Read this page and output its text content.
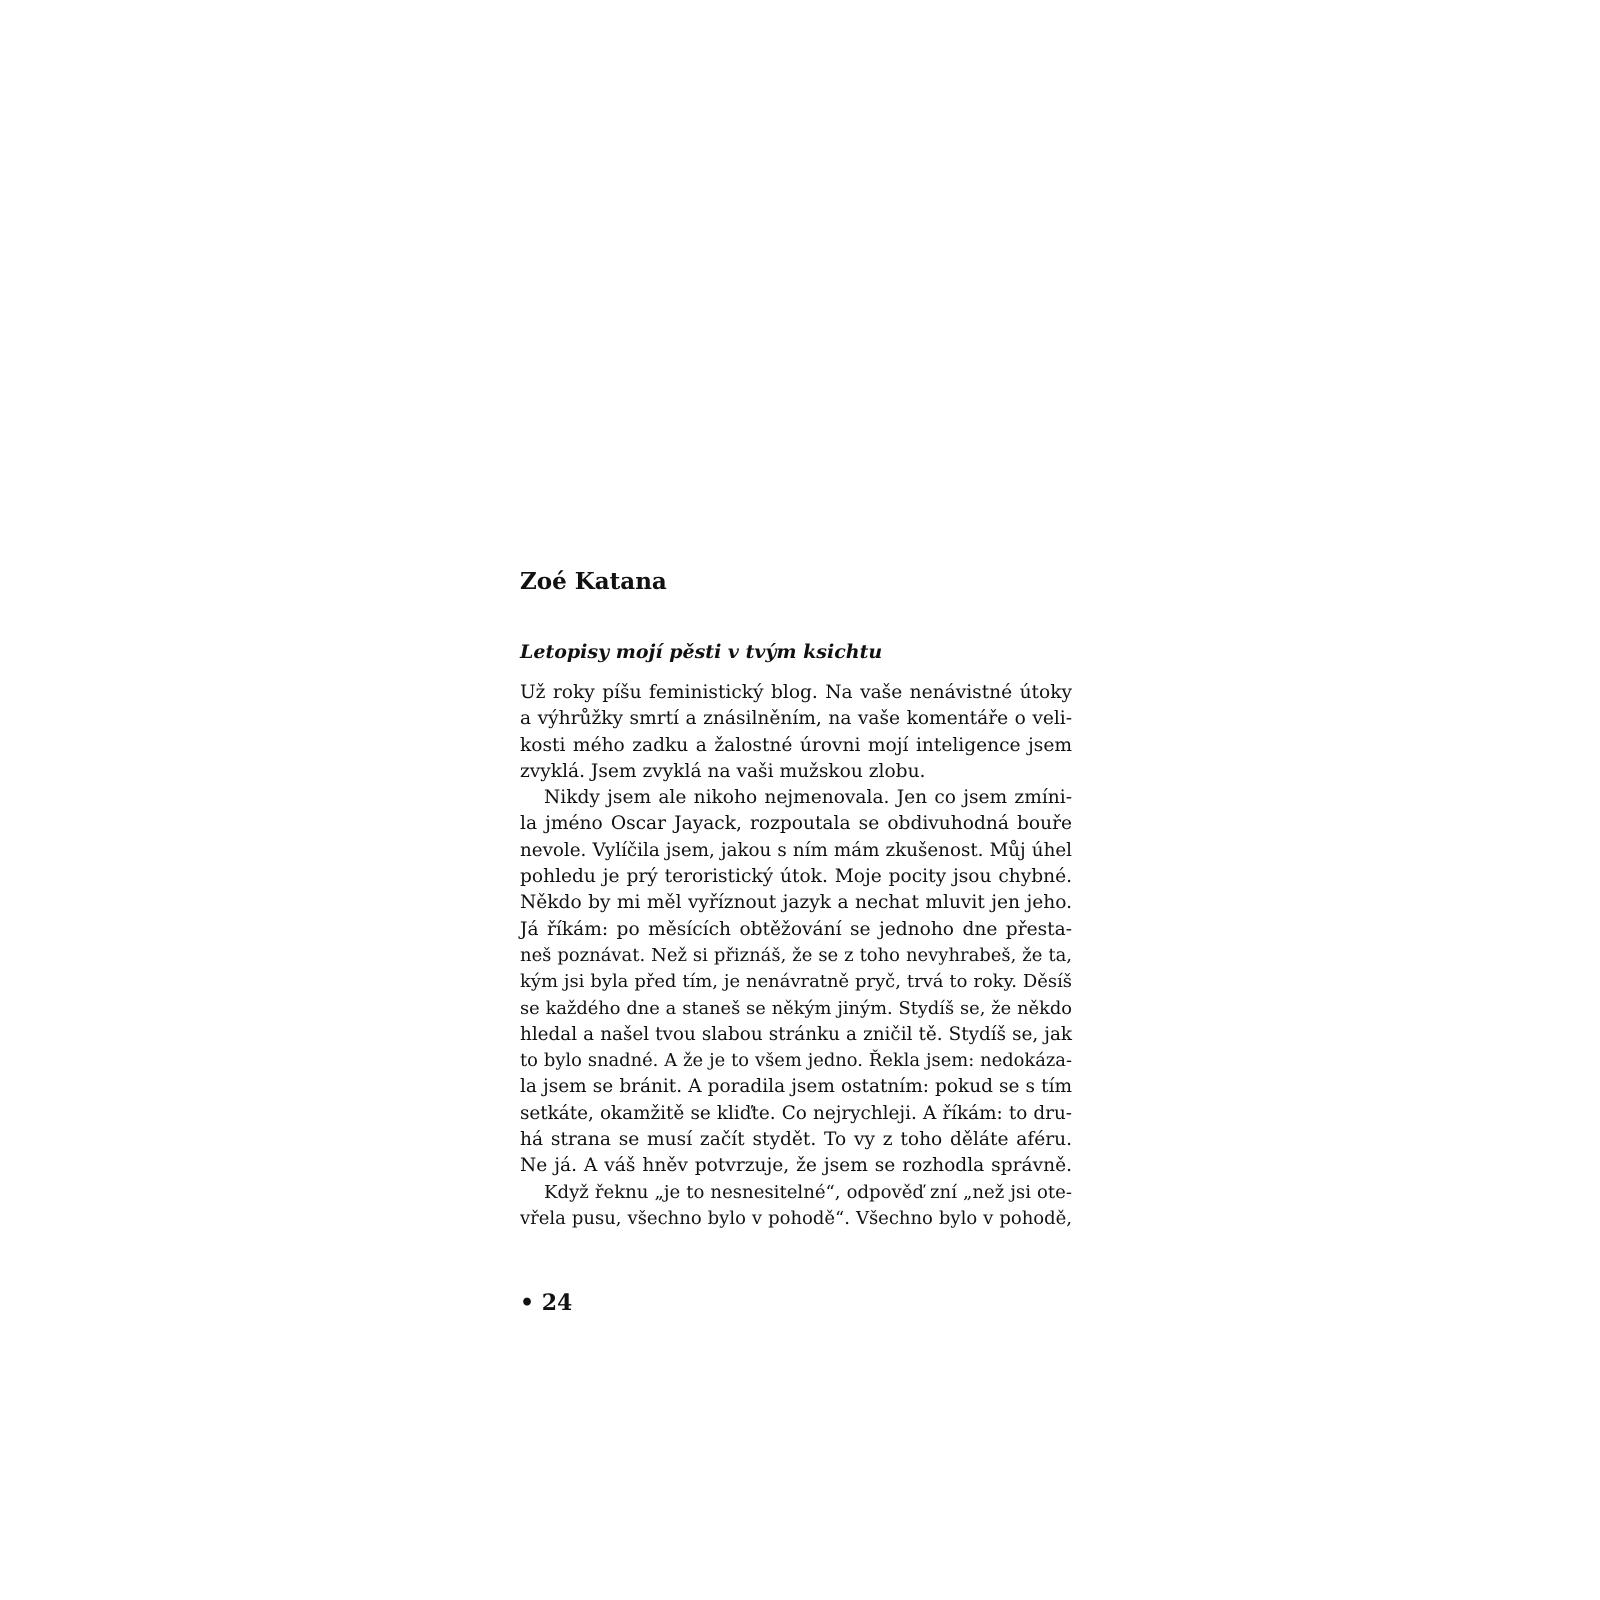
Zoé Katana
Letopisy mojí pěsti v tvým ksichtu
Už roky píšu feministický blog. Na vaše nenávistné útoky
a výhrůžky smrtí a znásilněním, na vaše komentáře o veli-
kosti mého zadku a žalostné úrovni mojí inteligence jsem
zvyklá. Jsem zvyklá na vaši mužskou zlobu.
Nikdy jsem ale nikoho nejmenovala. Jen co jsem zmíni-
la jméno Oscar Jayack, rozpoutala se obdivuhodná bouře
nevole. Vylíčila jsem, jakou s ním mám zkušenost. Můj úhel
pohledu je prý teroristický útok. Moje pocity jsou chybné.
Někdo by mi měl vyříznout jazyk a nechat mluvit jen jeho.
Já říkám: po měsících obtěžování se jednoho dne přesta-
neš poznávat. Než si přiznáš, že se z toho nevyhrabeš, že ta,
kým jsi byla před tím, je nenávratně pryč, trvá to roky. Děsíš
se každého dne a staneš se někým jiným. Stydíš se, že někdo
hledal a našel tvou slabou stránku a zničil tě. Stydíš se, jak
to bylo snadné. A že je to všem jedno. Řekla jsem: nedokáza-
la jsem se bránit. A poradila jsem ostatním: pokud se s tím
setkáte, okamžitě se kliďte. Co nejrychleji. A říkám: to dru-
há strana se musí začít stydět. To vy z toho děláte aféru.
Ne já. A váš hněv potvrzuje, že jsem se rozhodla správně.
Když řeknu „je to nesnesitelné“, odpověď zní „než jsi ote-
vřela pusu, všechno bylo v pohodě“. Všechno bylo v pohodě,
• 24
